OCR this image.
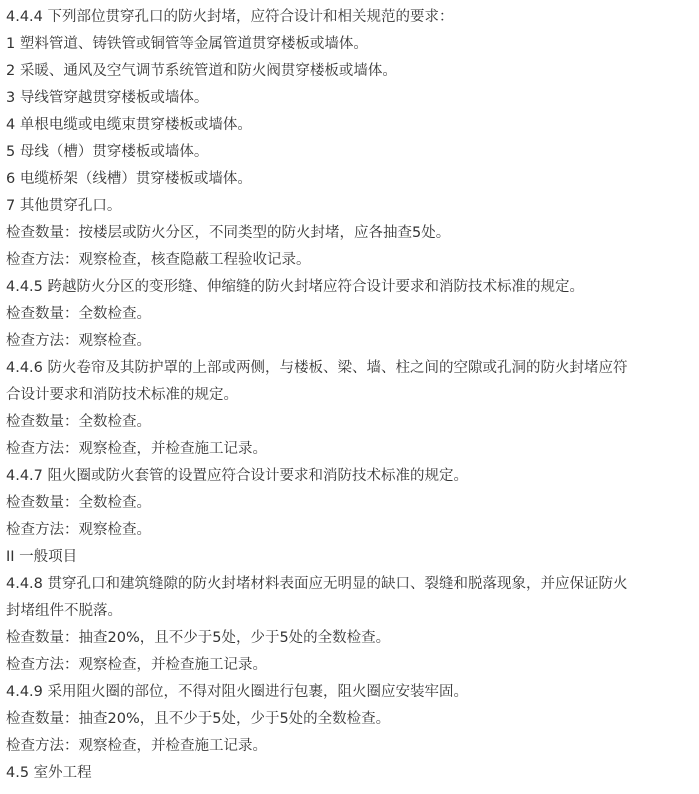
4.4.4 下列部位贯穿孔口的防火封堵，应符合设计和相关规范的要求：
1 塑料管道、铸铁管或铜管等金属管道贯穿楼板或墙体。
2 采暖、通风及空气调节系统管道和防火阀贯穿楼板或墙体。
3 导线管穿越贯穿楼板或墙体。
4 单根电缆或电缆束贯穿楼板或墙体。
5 母线（槽）贯穿楼板或墙体。
6 电缆桥架（线槽）贯穿楼板或墙体。
7 其他贯穿孔口。
检查数量：按楼层或防火分区，不同类型的防火封堵，应各抽查5处。
检查方法：观察检查，核查隐蔽工程验收记录。
4.4.5 跨越防火分区的变形缝、伸缩缝的防火封堵应符合设计要求和消防技术标准的规定。
检查数量：全数检查。
检查方法：观察检查。
4.4.6 防火卷帘及其防护罩的上部或两侧，与楼板、梁、墙、柱之间的空隙或孔洞的防火封堵应符
合设计要求和消防技术标准的规定。
检查数量：全数检查。
检查方法：观察检查，并检查施工记录。
4.4.7 阻火圈或防火套管的设置应符合设计要求和消防技术标准的规定。
检查数量：全数检查。
检查方法：观察检查。
II 一般项目
4.4.8 贯穿孔口和建筑缝隙的防火封堵材料表面应无明显的缺口、裂缝和脱落现象，并应保证防火
封堵组件不脱落。
检查数量：抽查20%，且不少于5处，少于5处的全数检查。
检查方法：观察检查，并检查施工记录。
4.4.9 采用阻火圈的部位，不得对阻火圈进行包裹，阻火圈应安装牢固。
检查数量：抽查20%，且不少于5处，少于5处的全数检查。
检查方法：观察检查，并检查施工记录。
4.5 室外工程
